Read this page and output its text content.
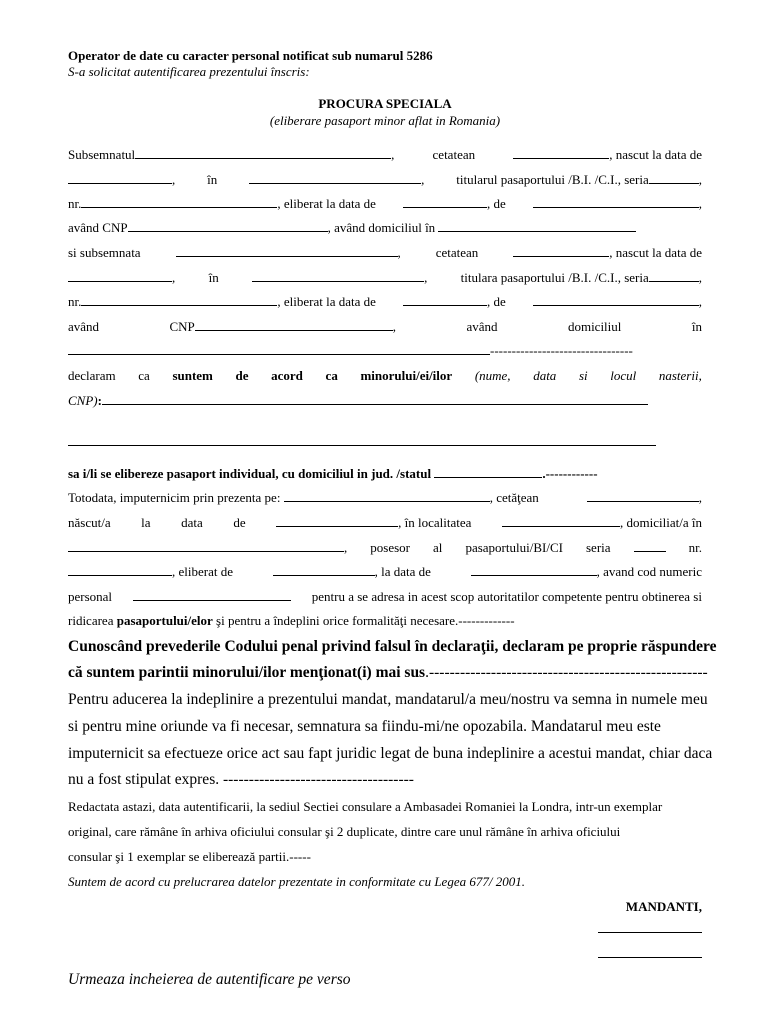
Operator de date cu caracter personal notificat sub numarul 5286
S-a solicitat autentificarea prezentului înscris:
PROCURA SPECIALA
(eliberare pasaport minor aflat in Romania)
Subsemnatul	,	cetatean	, nascut la data de
, în	, titularul pasaportului /B.I. /C.I., seria	,
nr.	, eliberat la data de	, de	,
având CNP	, având domiciliul în
si subsemnata	,	cetatean	, nascut la data de
,	în	,	titulara pasaportului /B.I. /C.I., seria	,
nr.	, eliberat la data de	, de	,
având	CNP	,	având	domiciliul	în
---------------------------------
declaram ca suntem de acord ca minorului/ei/ilor (nume, data si locul nasterii,
CNP):
sa i/li se elibereze pasaport individual, cu domiciliul in jud. /statul	.------------
Totodata, imputernicim prin prezenta pe:	, cetăţean	,
născut/a la data de	, în localitatea	, domiciliat/a în
, posesor al pasaportului/BI/CI seria	nr.
, eliberat de	, la data de	, avand cod numeric
personal	pentru a se adresa in acest scop autoritatilor competente pentru obtinerea si
ridicarea pasaportului/elor şi pentru a îndeplini orice formalităţi necesare.-------------
Cunoscând prevederile Codului penal privind falsul în declaraţii, declaram pe proprie răspundere
că suntem parintii minorului/ilor menţionat(i) mai sus.------------------------------------------------------
Pentru aducerea la indeplinire a prezentului mandat, mandatarul/a meu/nostru va semna in numele meu
si pentru mine oriunde va fi necesar, semnatura sa fiindu-mi/ne opozabila. Mandatarul meu este
imputernicit sa efectueze orice act sau fapt juridic legat de buna indeplinire a acestui mandat, chiar daca
nu a fost stipulat expres. -------------------------------------
Redactata astazi, data autentificarii, la sediul Sectiei consulare a Ambasadei Romaniei la Londra, intr-un exemplar
original, care rămâne în arhiva oficiului consular şi 2 duplicate, dintre care unul rămâne în arhiva oficiului
consular şi 1 exemplar se eliberează partii.-----
Suntem de acord cu prelucrarea datelor prezentate in conformitate cu Legea 677/ 2001.
MANDANTI,
Urmeaza incheierea de autentificare pe verso
